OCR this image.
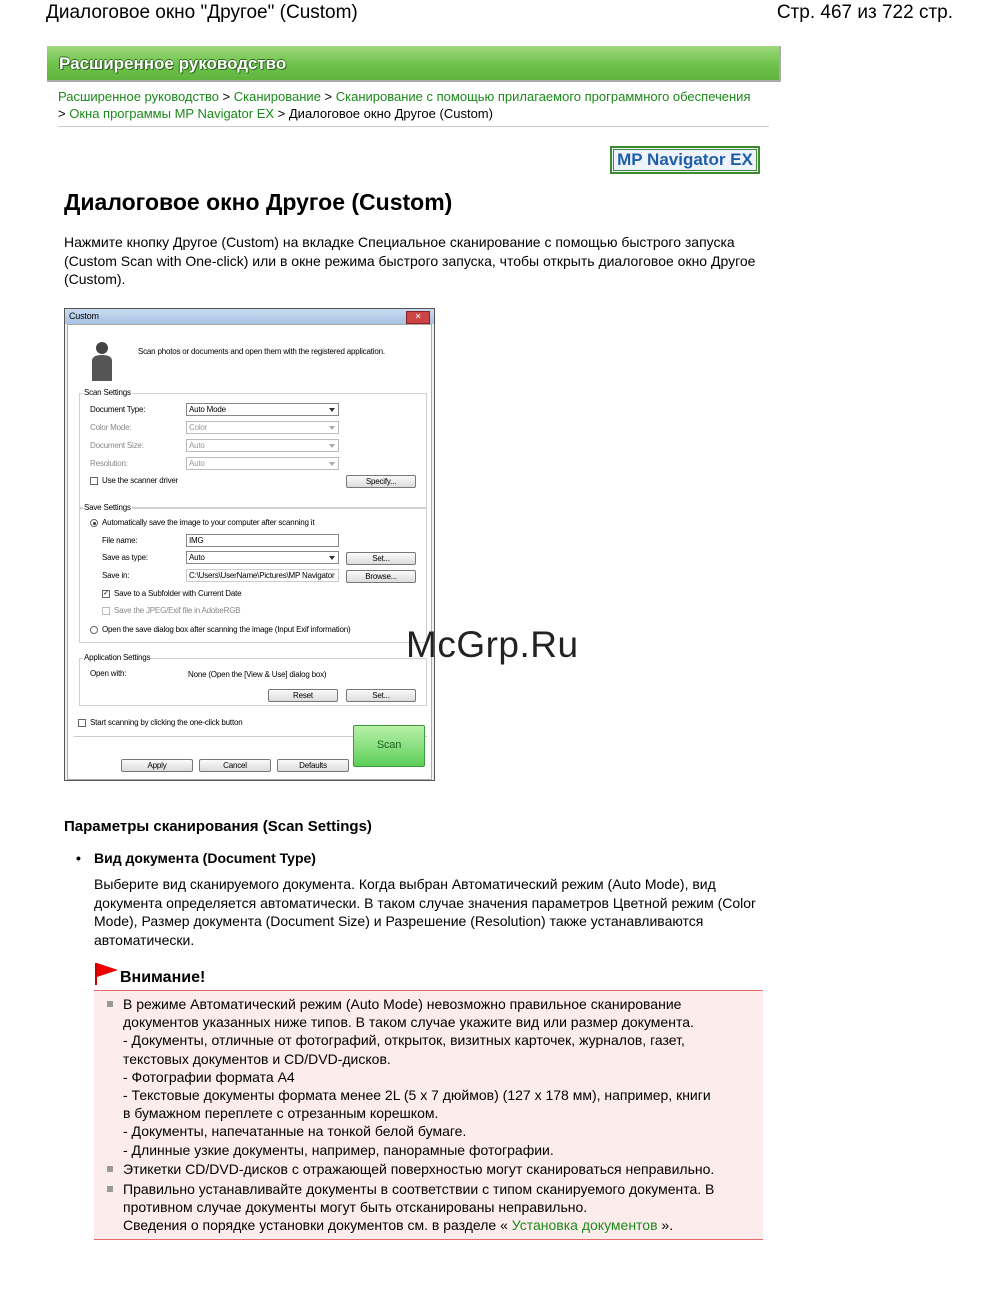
Диалоговое окно "Другое" (Custom)	Стр. 467 из 722 стр.
Расширенное руководство
Расширенное руководство > Сканирование > Сканирование с помощью прилагаемого программного обеспечения > Окна программы MP Navigator EX > Диалоговое окно Другое (Custom)
MP Navigator EX
Диалоговое окно Другое (Custom)
Нажмите кнопку Другое (Custom) на вкладке Специальное сканирование с помощью быстрого запуска (Custom Scan with One-click) или в окне режима быстрого запуска, чтобы открыть диалоговое окно Другое (Custom).
Custom	✕
Scan photos or documents and open them with the registered application.
Scan Settings
Document Type:	Auto Mode
Color Mode:	Color
Document Size:	Auto
Resolution:	Auto
Use the scanner driver	Specify...
Save Settings
Automatically save the image to your computer after scanning it
File name:	IMG
Save as type:	Auto	Set...
Save in:	C:\Users\UserName\Pictures\MP Navigator	Browse...
✓ Save to a Subfolder with Current Date
Save the JPEG/Exif file in AdobeRGB
Open the save dialog box after scanning the image (Input Exif information)
Application Settings
Open with:	None (Open the [View & Use] dialog box)
Reset	Set...
Start scanning by clicking the one-click button
Apply	Cancel	Defaults
Scan
McGrp.Ru
Параметры сканирования (Scan Settings)
• Вид документа (Document Type)
Выберите вид сканируемого документа. Когда выбран Автоматический режим (Auto Mode), вид документа определяется автоматически. В таком случае значения параметров Цветной режим (Color Mode), Размер документа (Document Size) и Разрешение (Resolution) также устанавливаются автоматически.
Внимание!
В режиме Автоматический режим (Auto Mode) невозможно правильное сканирование
документов указанных ниже типов. В таком случае укажите вид или размер документа.
- Документы, отличные от фотографий, открыток, визитных карточек, журналов, газет,
текстовых документов и CD/DVD-дисков.
- Фотографии формата A4
- Текстовые документы формата менее 2L (5 x 7 дюймов) (127 x 178 мм), например, книги
в бумажном переплете с отрезанным корешком.
- Документы, напечатанные на тонкой белой бумаге.
- Длинные узкие документы, например, панорамные фотографии.
Этикетки CD/DVD-дисков с отражающей поверхностью могут сканироваться неправильно.
Правильно устанавливайте документы в соответствии с типом сканируемого документа. В
противном случае документы могут быть отсканированы неправильно.
Сведения о порядке установки документов см. в разделе « Установка документов ».
